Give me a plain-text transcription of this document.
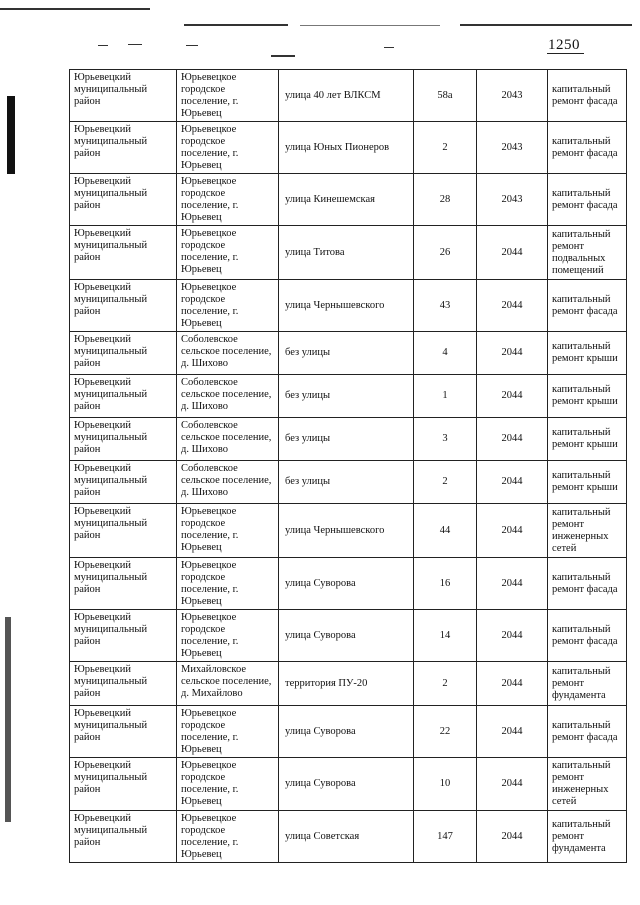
1250
Юрьевецкий муниципальный район	Юрьевецкое городское поселение, г. Юрьевец	улица 40 лет ВЛКСМ	58а	2043	капитальный ремонт фасада
Юрьевецкий муниципальный район	Юрьевецкое городское поселение, г. Юрьевец	улица Юных Пионеров	2	2043	капитальный ремонт фасада
Юрьевецкий муниципальный район	Юрьевецкое городское поселение, г. Юрьевец	улица Кинешемская	28	2043	капитальный ремонт фасада
Юрьевецкий муниципальный район	Юрьевецкое городское поселение, г. Юрьевец	улица Титова	26	2044	капитальный ремонт подвальных помещений
Юрьевецкий муниципальный район	Юрьевецкое городское поселение, г. Юрьевец	улица Чернышевского	43	2044	капитальный ремонт фасада
Юрьевецкий муниципальный район	Соболевское сельское поселение, д. Шихово	без улицы	4	2044	капитальный ремонт крыши
Юрьевецкий муниципальный район	Соболевское сельское поселение, д. Шихово	без улицы	1	2044	капитальный ремонт крыши
Юрьевецкий муниципальный район	Соболевское сельское поселение, д. Шихово	без улицы	3	2044	капитальный ремонт крыши
Юрьевецкий муниципальный район	Соболевское сельское поселение, д. Шихово	без улицы	2	2044	капитальный ремонт крыши
Юрьевецкий муниципальный район	Юрьевецкое городское поселение, г. Юрьевец	улица Чернышевского	44	2044	капитальный ремонт инженерных сетей
Юрьевецкий муниципальный район	Юрьевецкое городское поселение, г. Юрьевец	улица Суворова	16	2044	капитальный ремонт фасада
Юрьевецкий муниципальный район	Юрьевецкое городское поселение, г. Юрьевец	улица Суворова	14	2044	капитальный ремонт фасада
Юрьевецкий муниципальный район	Михайловское сельское поселение, д. Михайлово	территория ПУ-20	2	2044	капитальный ремонт фундамента
Юрьевецкий муниципальный район	Юрьевецкое городское поселение, г. Юрьевец	улица Суворова	22	2044	капитальный ремонт фасада
Юрьевецкий муниципальный район	Юрьевецкое городское поселение, г. Юрьевец	улица Суворова	10	2044	капитальный ремонт инженерных сетей
Юрьевецкий муниципальный район	Юрьевецкое городское поселение, г. Юрьевец	улица Советская	147	2044	капитальный ремонт фундамента
